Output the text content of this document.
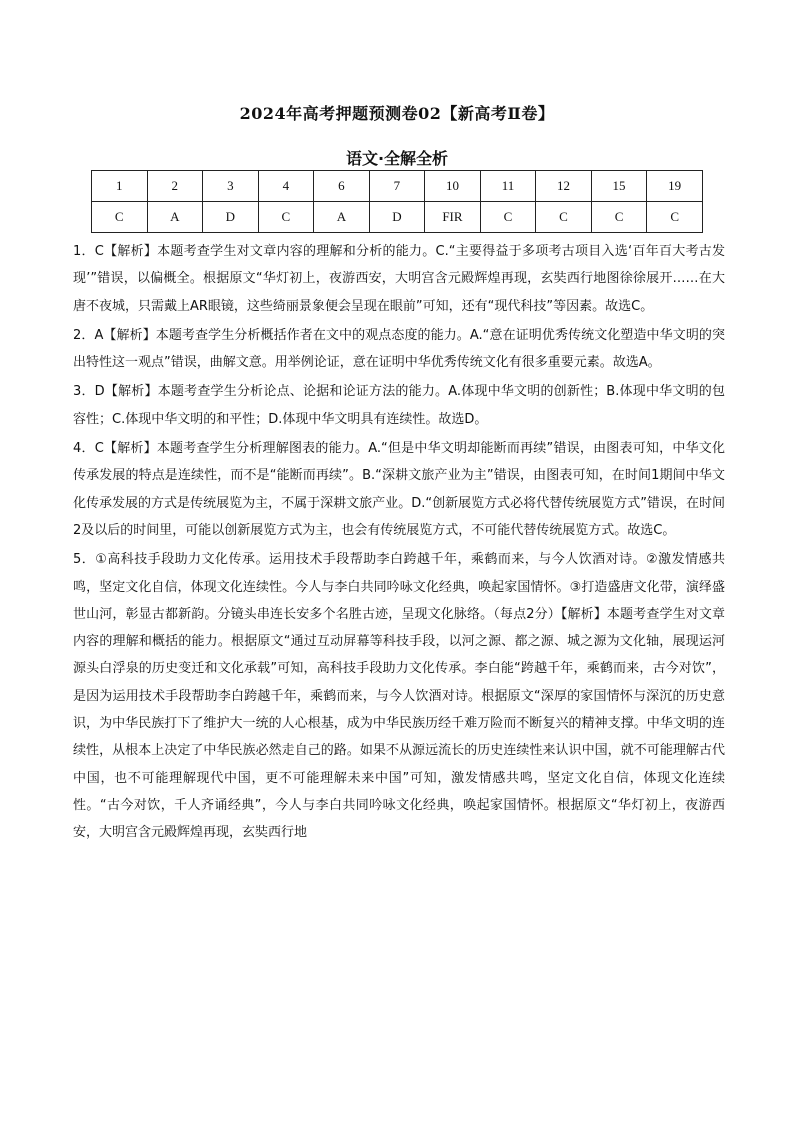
2024年高考押题预测卷02【新高考Ⅱ卷】
语文·全解全析
1	2	3	4	6	7	10	11	12	15	19
C	A	D	C	A	D	FIR	C	C	C	C

1．C【解析】本题考查学生对文章内容的理解和分析的能力。C.“主要得益于多项考古项目入选‘百年百大考古发现’”错误，以偏概全。根据原文“华灯初上，夜游西安，大明宫含元殿辉煌再现，玄奘西行地图徐徐展开……在大唐不夜城，只需戴上AR眼镜，这些绮丽景象便会呈现在眼前”可知，还有“现代科技”等因素。故选C。

2．A【解析】本题考查学生分析概括作者在文中的观点态度的能力。A.“意在证明优秀传统文化塑造中华文明的突出特性这一观点”错误，曲解文意。用举例论证，意在证明中华优秀传统文化有很多重要元素。故选A。

3．D【解析】本题考查学生分析论点、论据和论证方法的能力。A.体现中华文明的创新性；B.体现中华文明的包容性；C.体现中华文明的和平性；D.体现中华文明具有连续性。故选D。

4．C【解析】本题考查学生分析理解图表的能力。A.“但是中华文明却能断而再续”错误，由图表可知，中华文化传承发展的特点是连续性，而不是“能断而再续”。B.“深耕文旅产业为主”错误，由图表可知，在时间1期间中华文化传承发展的方式是传统展览为主，不属于深耕文旅产业。D.“创新展览方式必将代替传统展览方式”错误，在时间2及以后的时间里，可能以创新展览方式为主，也会有传统展览方式，不可能代替传统展览方式。故选C。

5．①高科技手段助力文化传承。运用技术手段帮助李白跨越千年，乘鹤而来，与今人饮酒对诗。②激发情感共鸣，坚定文化自信，体现文化连续性。今人与李白共同吟咏文化经典，唤起家国情怀。③打造盛唐文化带，演绎盛世山河，彰显古都新韵。分镜头串连长安多个名胜古迹，呈现文化脉络。（每点2分）【解析】本题考查学生对文章内容的理解和概括的能力。根据原文“通过互动屏幕等科技手段，以河之源、都之源、城之源为文化轴，展现运河源头白浮泉的历史变迁和文化承载”可知，高科技手段助力文化传承。李白能“跨越千年，乘鹤而来，古今对饮”，是因为运用技术手段帮助李白跨越千年，乘鹤而来，与今人饮酒对诗。根据原文“深厚的家国情怀与深沉的历史意识，为中华民族打下了维护大一统的人心根基，成为中华民族历经千难万险而不断复兴的精神支撑。中华文明的连续性，从根本上决定了中华民族必然走自己的路。如果不从源远流长的历史连续性来认识中国，就不可能理解古代中国，也不可能理解现代中国，更不可能理解未来中国”可知，激发情感共鸣，坚定文化自信，体现文化连续性。“古今对饮，千人齐诵经典”，今人与李白共同吟咏文化经典，唤起家国情怀。根据原文“华灯初上，夜游西安，大明宫含元殿辉煌再现，玄奘西行地
